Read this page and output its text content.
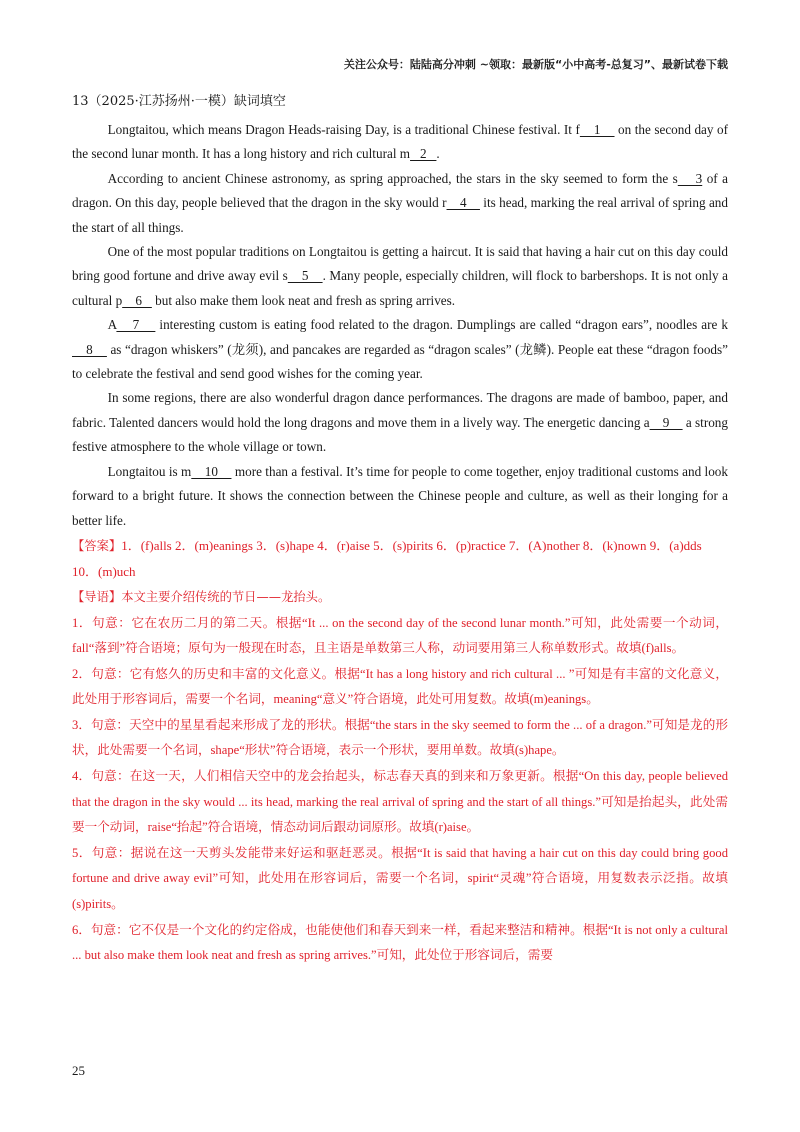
关注公众号：陆陆高分冲刺 ~领取：最新版“小中高考-总复习”、最新试卷下载
13（2025·江苏扬州·一模）缺词填空

Longtaitou, which means Dragon Heads-raising Day, is a traditional Chinese festival. It f    1     on the second day of the second lunar month. It has a long history and rich cultural m   2   .

According to ancient Chinese astronomy, as spring approached, the stars in the sky seemed to form the s    3 of a dragon. On this day, people believed that the dragon in the sky would r    4     its head, marking the real arrival of spring and the start of all things.

One of the most popular traditions on Longtaitou is getting a haircut. It is said that having a hair cut on this day could bring good fortune and drive away evil s    5    . Many people, especially children, will flock to barbershops. It is not only a cultural p    6    but also make them look neat and fresh as spring arrives.

A    7     interesting custom is eating food related to the dragon. Dumplings are called “dragon ears”, noodles are k    8     as “dragon whiskers” (龙须), and pancakes are regarded as “dragon scales” (龙鳞). People eat these “dragon foods” to celebrate the festival and send good wishes for the coming year.

In some regions, there are also wonderful dragon dance performances. The dragons are made of bamboo, paper, and fabric. Talented dancers would hold the long dragons and move them in a lively way. The energetic dancing a    9     a strong festive atmosphere to the whole village or town.

Longtaitou is m    10     more than a festival. It’s time for people to come together, enjoy traditional customs and look forward to a bright future. It shows the connection between the Chinese people and culture, as well as their longing for a better life.

【答案】1．(f)alls 2．(m)eanings 3．(s)hape 4．(r)aise 5．(s)pirits 6．(p)ractice 7．(A)nother 8．(k)nown 9．(a)dds 10．(m)uch

【导语】本文主要介绍传统的节日——龙抬头。

1．句意：它在农历二月的第二天。根据“It ... on the second day of the second lunar month.”可知，此处需要一个动词，fall“落到”符合语境；原句为一般现在时态，且主语是单数第三人称，动词要用第三人称单数形式。故填(f)alls。

2．句意：它有悠久的历史和丰富的文化意义。根据“It has a long history and rich cultural ... ”可知是有丰富的文化意义，此处用于形容词后，需要一个名词，meaning“意义”符合语境，此处可用复数。故填(m)eanings。

3．句意：天空中的星星看起来形成了龙的形状。根据“the stars in the sky seemed to form the ... of a dragon.”可知是龙的形状，此处需要一个名词，shape“形状”符合语境，表示一个形状，要用单数。故填(s)hape。

4．句意：在这一天，人们相信天空中的龙会抬起头，标志春天真的到来和万象更新。根据“On this day, people believed that the dragon in the sky would ... its head, marking the real arrival of spring and the start of all things.”可知是抬起头，此处需要一个动词，raise“抬起”符合语境，情态动词后跟动词原形。故填(r)aise。

5．句意：据说在这一天剪头发能带来好运和驱赶恶灵。根据“It is said that having a hair cut on this day could bring good fortune and drive away evil”可知，此处用在形容词后，需要一个名词，spirit“灵魂”符合语境，用复数表示泛指。故填(s)pirits。

6．句意：它不仅是一个文化的约定俗成，也能使他们和春天到来一样，看起来整洁和精神。根据“It is not only a cultural ... but also make them look neat and fresh as spring arrives.”可知，此处位于形容词后，需要

25
